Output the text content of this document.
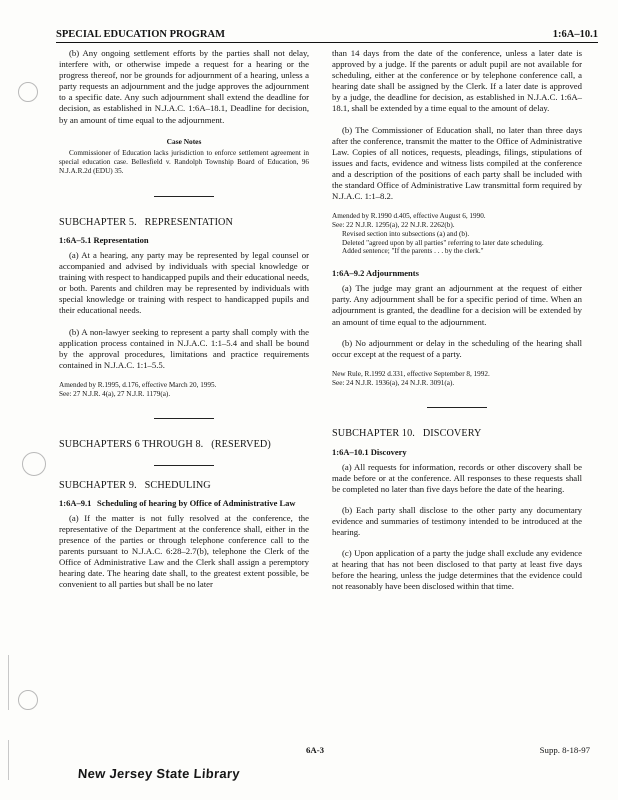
SPECIAL EDUCATION PROGRAM	1:6A–10.1

(b) Any ongoing settlement efforts by the parties shall not delay, interfere with, or otherwise impede a request for a hearing or the progress thereof, nor be grounds for adjournment of a hearing, unless a party requests an adjournment and the judge approves the adjournment to a specific date. Any such adjournment shall extend the deadline for decision, as established in N.J.A.C. 1:6A–18.1, Deadline for decision, by an amount of time equal to the adjournment.

Case Notes
Commissioner of Education lacks jurisdiction to enforce settlement agreement in special education case. Bellesfield v. Randolph Township Board of Education, 96 N.J.A.R.2d (EDU) 35.
SUBCHAPTER 5.   REPRESENTATION
1:6A–5.1 Representation

(a) At a hearing, any party may be represented by legal counsel or accompanied and advised by individuals with special knowledge or training with respect to handicapped pupils and their educational needs, or both. Parents and children may be represented by individuals with special knowledge or training with respect to handicapped pupils and their educational needs.

(b) A non-lawyer seeking to represent a party shall comply with the application process contained in N.J.A.C. 1:1–5.4 and shall be bound by the approval procedures, limitations and practice requirements contained in N.J.A.C. 1:1–5.5.

Amended by R.1995, d.176, effective March 20, 1995.
See: 27 N.J.R. 4(a), 27 N.J.R. 1179(a).
SUBCHAPTERS 6 THROUGH 8.   (RESERVED)
SUBCHAPTER 9.   SCHEDULING
1:6A–9.1 Scheduling of hearing by Office of Administrative Law

(a) If the matter is not fully resolved at the conference, the representative of the Department at the conference shall, either in the presence of the parties or through telephone conference call to the parents pursuant to N.J.A.C. 6:28–2.7(b), telephone the Clerk of the Office of Administrative Law and the Clerk shall assign a peremptory hearing date. The hearing date shall, to the greatest extent possible, be convenient to all parties but shall be no later

than 14 days from the date of the conference, unless a later date is approved by a judge. If the parents or adult pupil are not available for scheduling, either at the conference or by telephone conference call, a hearing date shall be assigned by the Clerk. If a later date is approved by a judge, the deadline for decision, as established in N.J.A.C. 1:6A–18.1, shall be extended by a time equal to the amount of delay.

(b) The Commissioner of Education shall, no later than three days after the conference, transmit the matter to the Office of Administrative Law. Copies of all notices, requests, pleadings, filings, stipulations of issues and facts, evidence and witness lists compiled at the conference and a description of the positions of each party shall be included with the standard Office of Administrative Law transmittal form required by N.J.A.C. 1:1–8.2.

Amended by R.1990 d.405, effective August 6, 1990.
See: 22 N.J.R. 1295(a), 22 N.J.R. 2262(b).
Revised section into subsections (a) and (b).
Deleted "agreed upon by all parties" referring to later date scheduling.
Added sentence; "If the parents . . . by the clerk."
1:6A–9.2 Adjournments

(a) The judge may grant an adjournment at the request of either party. Any adjournment shall be for a specific period of time. When an adjournment is granted, the deadline for a decision will be extended by an amount of time equal to the adjournment.

(b) No adjournment or delay in the scheduling of the hearing shall occur except at the request of a party.

New Rule, R.1992 d.331, effective September 8, 1992.
See: 24 N.J.R. 1936(a), 24 N.J.R. 3091(a).
SUBCHAPTER 10.   DISCOVERY
1:6A–10.1 Discovery

(a) All requests for information, records or other discovery shall be made before or at the conference. All responses to these requests shall be completed no later than five days before the date of the hearing.

(b) Each party shall disclose to the other party any documentary evidence and summaries of testimony intended to be introduced at the hearing.

(c) Upon application of a party the judge shall exclude any evidence at hearing that has not been disclosed to that party at least five days before the hearing, unless the judge determines that the evidence could not reasonably have been disclosed within that time.

6A-3	Supp. 8-18-97
New Jersey State Library
